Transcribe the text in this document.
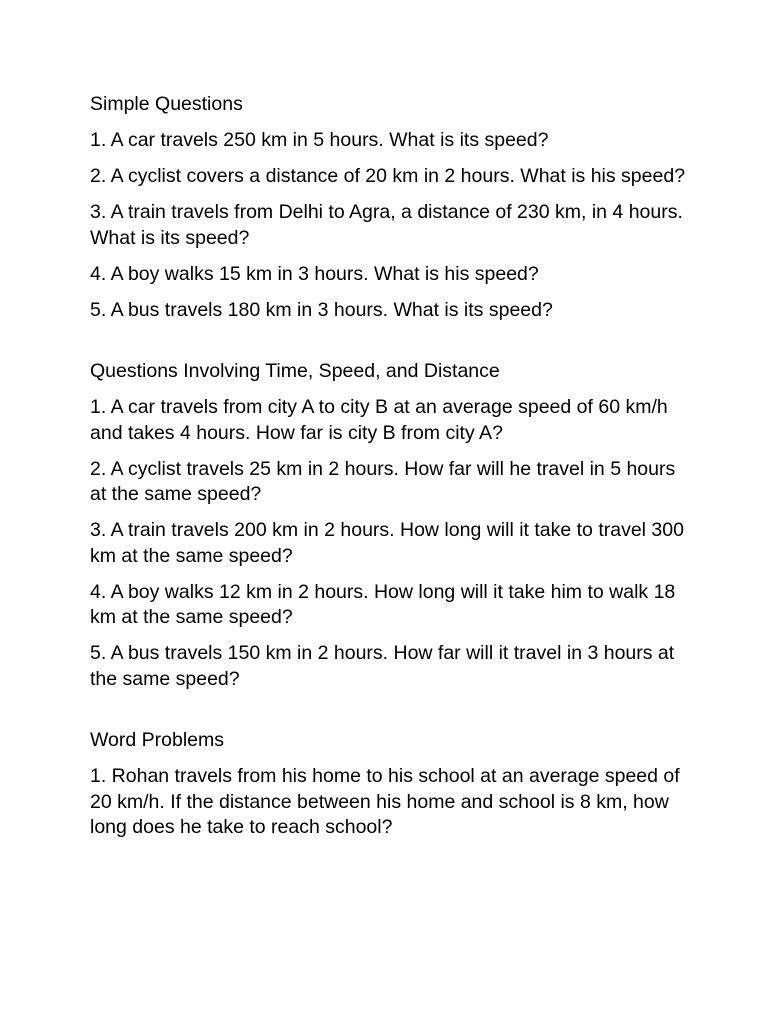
Simple Questions

1. A car travels 250 km in 5 hours. What is its speed?

2. A cyclist covers a distance of 20 km in 2 hours. What is his speed?

3. A train travels from Delhi to Agra, a distance of 230 km, in 4 hours. What is its speed?

4. A boy walks 15 km in 3 hours. What is his speed?

5. A bus travels 180 km in 3 hours. What is its speed?

Questions Involving Time, Speed, and Distance

1. A car travels from city A to city B at an average speed of 60 km/h and takes 4 hours. How far is city B from city A?

2. A cyclist travels 25 km in 2 hours. How far will he travel in 5 hours at the same speed?

3. A train travels 200 km in 2 hours. How long will it take to travel 300 km at the same speed?

4. A boy walks 12 km in 2 hours. How long will it take him to walk 18 km at the same speed?

5. A bus travels 150 km in 2 hours. How far will it travel in 3 hours at the same speed?

Word Problems

1. Rohan travels from his home to his school at an average speed of 20 km/h. If the distance between his home and school is 8 km, how long does he take to reach school?
